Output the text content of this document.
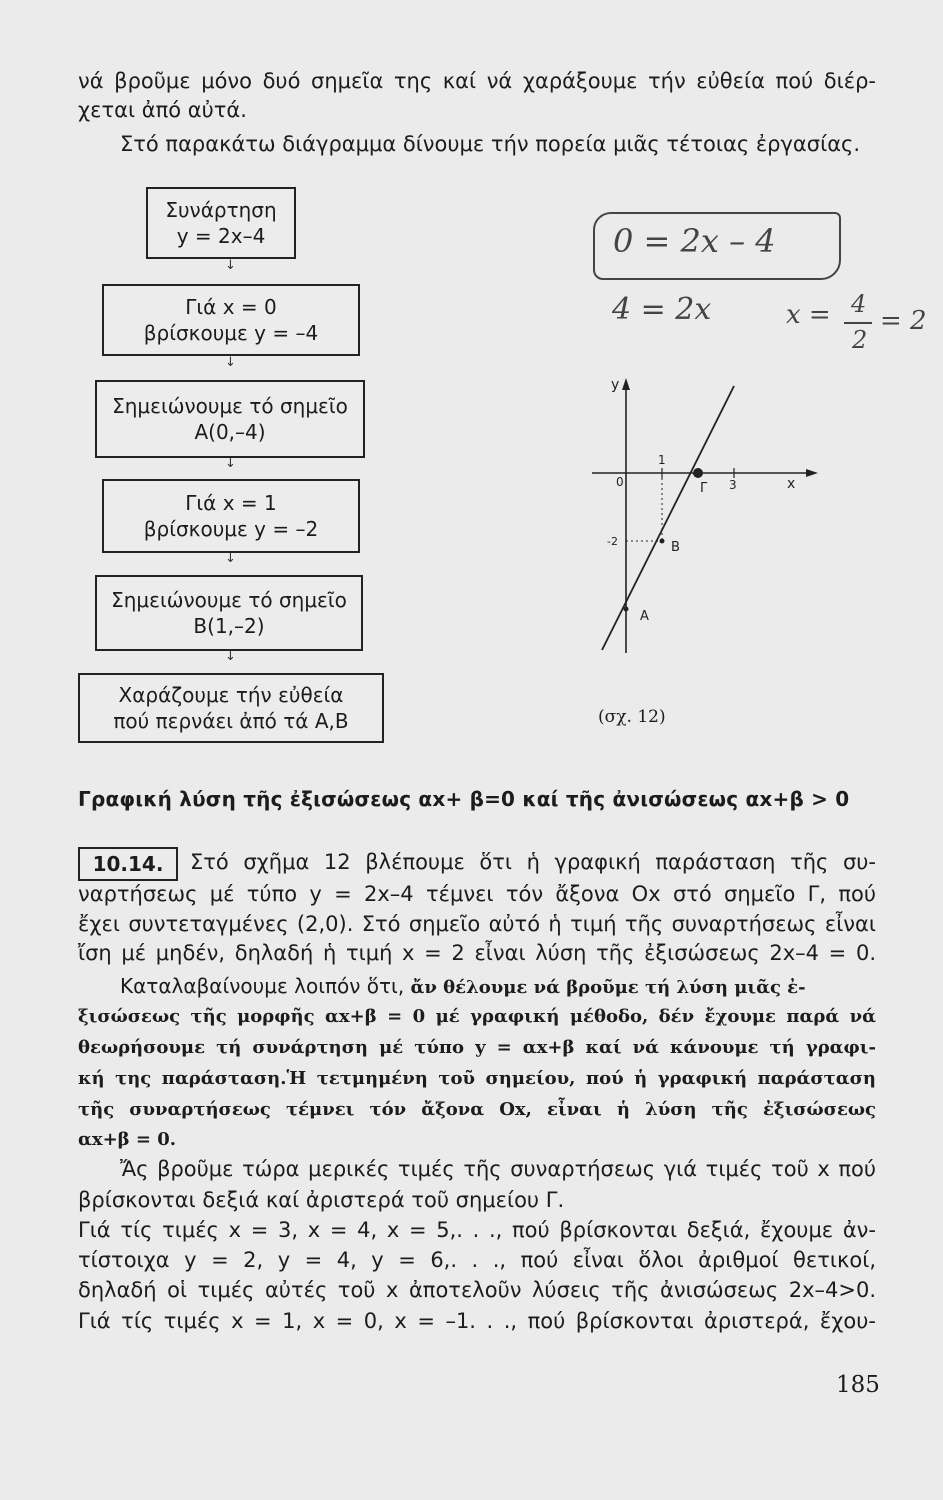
νά βροῦμε μόνο δυό σημεῖα της καί νά χαράξουμε τήν εὐθεία πού διέρ-
χεται ἀπό αὐτά.
Στό παρακάτω διάγραμμα δίνουμε τήν πορεία μιᾶς τέτοιας ἐργασίας.
Συνάρτηση
y = 2x–4
↓
Γιά x = 0
βρίσκουμε y = –4
↓
Σημειώνουμε τό σημεῖο
A(0,–4)
↓
Γιά x = 1
βρίσκουμε y = –2
↓
Σημειώνουμε τό σημεῖο
B(1,–2)
↓
Χαράζουμε τήν εὐθεία
πού περνάει ἀπό τά A,B
0 = 2x – 4
4 = 2x	x = 4
2
= 2
y
x
0
1
3
Γ
-2	B
A
(σχ. 12)
Γραφική λύση τῆς ἐξισώσεως αx+ β=0 καί τῆς ἀνισώσεως αx+β > 0
10.14.	Στό σχῆμα 12 βλέπουμε ὅτι ἡ γραφική παράσταση τῆς συ-
ναρτήσεως μέ τύπο y = 2x–4 τέμνει τόν ἄξονα Ox στό σημεῖο Γ, πού
ἔχει συντεταγμένες (2,0). Στό σημεῖο αὐτό ἡ τιμή τῆς συναρτήσεως εἶναι
ἴση μέ μηδέν, δηλαδή ἡ τιμή x = 2 εἶναι λύση τῆς ἐξισώσεως 2x–4 = 0.
Καταλαβαίνουμε λοιπόν ὅτι, ἄν θέλουμε νά βροῦμε τή λύση μιᾶς ἐ-
ξισώσεως τῆς μορφῆς αx+β = 0 μέ γραφική μέθοδο, δέν ἔχουμε παρά νά
θεωρήσουμε τή συνάρτηση μέ τύπο y = αx+β καί νά κάνουμε τή γραφι-
κή της παράσταση.Ἡ τετμημένη τοῦ σημείου, πού ἡ γραφική παράσταση
τῆς συναρτήσεως τέμνει τόν ἄξονα Ox, εἶναι ἡ λύση τῆς ἐξισώσεως
αx+β = 0.
Ἄς βροῦμε τώρα μερικές τιμές τῆς συναρτήσεως γιά τιμές τοῦ x πού
βρίσκονται δεξιά καί ἀριστερά τοῦ σημείου Γ.
Γιά τίς τιμές x = 3, x = 4, x = 5,. . ., πού βρίσκονται δεξιά, ἔχουμε ἀν-
τίστοιχα y = 2, y = 4, y = 6,. . ., πού εἶναι ὅλοι ἀριθμοί θετικοί,
δηλαδή οἱ τιμές αὐτές τοῦ x ἀποτελοῦν λύσεις τῆς ἀνισώσεως 2x–4>0.
Γιά τίς τιμές x = 1, x = 0, x = –1. . ., πού βρίσκονται ἀριστερά, ἔχου-
185
